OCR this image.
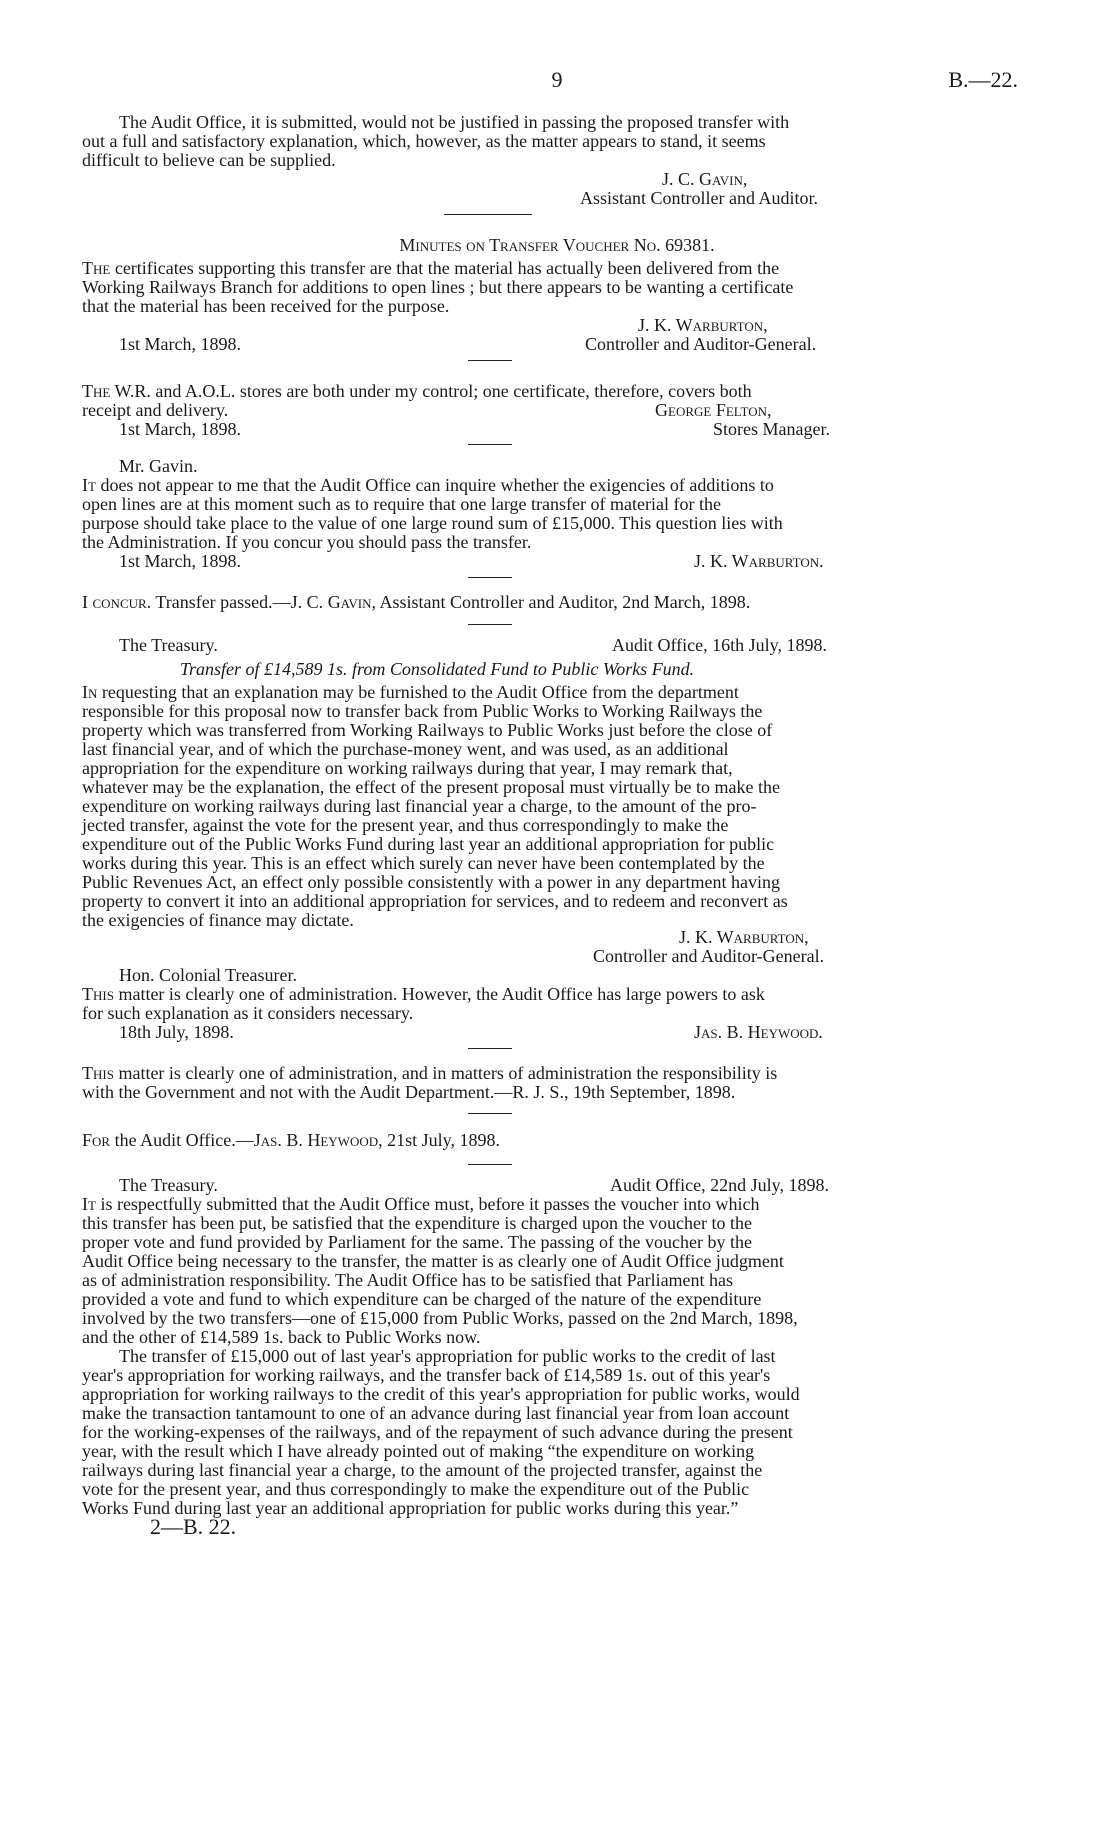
9	B.—22.
The Audit Office, it is submitted, would not be justified in passing the proposed transfer with
out a full and satisfactory explanation, which, however, as the matter appears to stand, it seems
difficult to believe can be supplied.
J. C. Gavin,
Assistant Controller and Auditor.
Minutes on Transfer Voucher No. 69381.
The certificates supporting this transfer are that the material has actually been delivered from the
Working Railways Branch for additions to open lines ; but there appears to be wanting a certificate
that the material has been received for the purpose.
J. K. Warburton,
1st March, 1898.	Controller and Auditor-General.
The W.R. and A.O.L. stores are both under my control; one certificate, therefore, covers both
receipt and delivery.	George Felton,
1st March, 1898.	Stores Manager.
Mr. Gavin.
It does not appear to me that the Audit Office can inquire whether the exigencies of additions to
open lines are at this moment such as to require that one large transfer of material for the
purpose should take place to the value of one large round sum of £15,000. This question lies with
the Administration. If you concur you should pass the transfer.
1st March, 1898.	J. K. Warburton.
I concur. Transfer passed.—J. C. Gavin, Assistant Controller and Auditor, 2nd March, 1898.
The Treasury.	Audit Office, 16th July, 1898.
Transfer of £14,589 1s. from Consolidated Fund to Public Works Fund.
In requesting that an explanation may be furnished to the Audit Office from the department
responsible for this proposal now to transfer back from Public Works to Working Railways the
property which was transferred from Working Railways to Public Works just before the close of
last financial year, and of which the purchase-money went, and was used, as an additional
appropriation for the expenditure on working railways during that year, I may remark that,
whatever may be the explanation, the effect of the present proposal must virtually be to make the
expenditure on working railways during last financial year a charge, to the amount of the pro-
jected transfer, against the vote for the present year, and thus correspondingly to make the
expenditure out of the Public Works Fund during last year an additional appropriation for public
works during this year. This is an effect which surely can never have been contemplated by the
Public Revenues Act, an effect only possible consistently with a power in any department having
property to convert it into an additional appropriation for services, and to redeem and reconvert as
the exigencies of finance may dictate.
J. K. Warburton,
Controller and Auditor-General.
Hon. Colonial Treasurer.
This matter is clearly one of administration. However, the Audit Office has large powers to ask
for such explanation as it considers necessary.
18th July, 1898.	Jas. B. Heywood.
This matter is clearly one of administration, and in matters of administration the responsibility is
with the Government and not with the Audit Department.—R. J. S., 19th September, 1898.
For the Audit Office.—Jas. B. Heywood, 21st July, 1898.
The Treasury.	Audit Office, 22nd July, 1898.
It is respectfully submitted that the Audit Office must, before it passes the voucher into which
this transfer has been put, be satisfied that the expenditure is charged upon the voucher to the
proper vote and fund provided by Parliament for the same. The passing of the voucher by the
Audit Office being necessary to the transfer, the matter is as clearly one of Audit Office judgment
as of administration responsibility. The Audit Office has to be satisfied that Parliament has
provided a vote and fund to which expenditure can be charged of the nature of the expenditure
involved by the two transfers—one of £15,000 from Public Works, passed on the 2nd March, 1898,
and the other of £14,589 1s. back to Public Works now.
The transfer of £15,000 out of last year's appropriation for public works to the credit of last
year's appropriation for working railways, and the transfer back of £14,589 1s. out of this year's
appropriation for working railways to the credit of this year's appropriation for public works, would
make the transaction tantamount to one of an advance during last financial year from loan account
for the working-expenses of the railways, and of the repayment of such advance during the present
year, with the result which I have already pointed out of making “the expenditure on working
railways during last financial year a charge, to the amount of the projected transfer, against the
vote for the present year, and thus correspondingly to make the expenditure out of the Public
Works Fund during last year an additional appropriation for public works during this year.”
2—B. 22.
